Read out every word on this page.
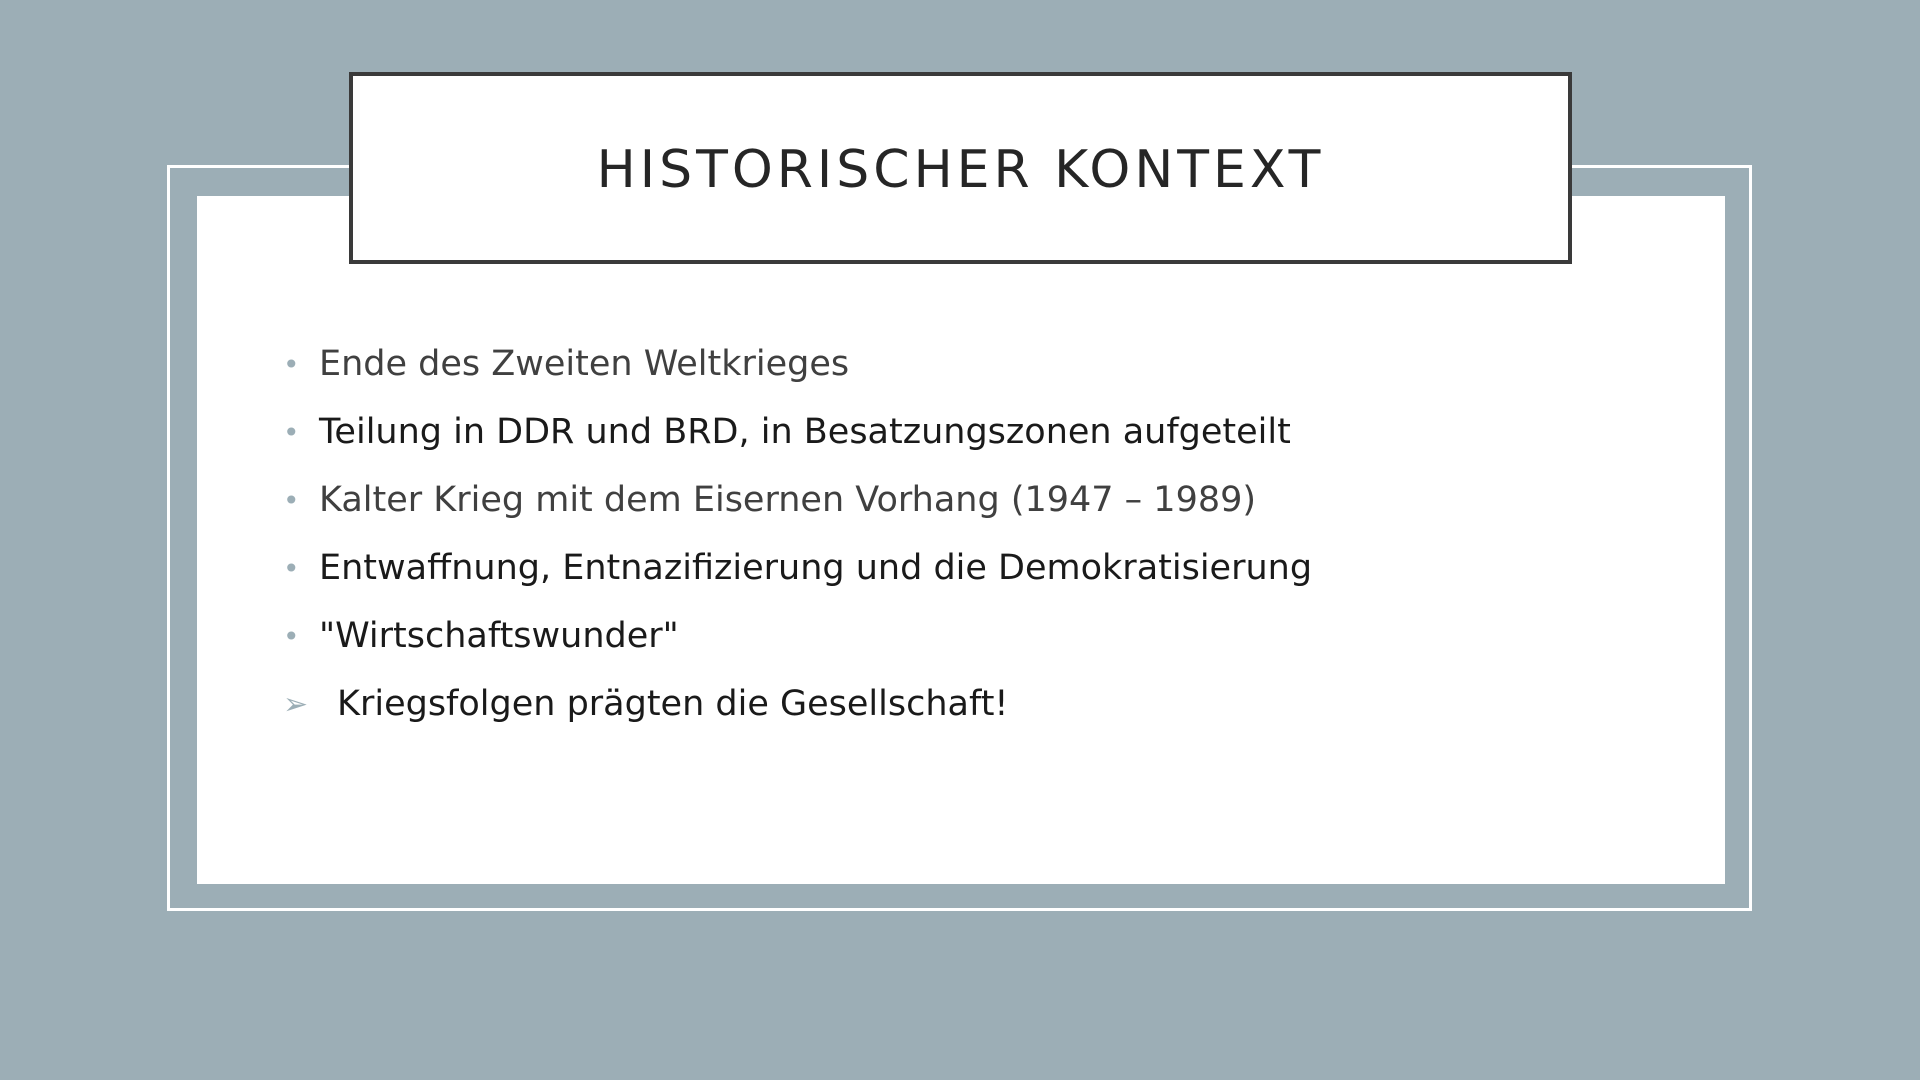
HISTORISCHER KONTEXT
• Ende des Zweiten Weltkrieges
• Teilung in DDR und BRD, in Besatzungszonen aufgeteilt
• Kalter Krieg mit dem Eisernen Vorhang (1947 – 1989)
• Entwaffnung, Entnazifizierung und die Demokratisierung
• "Wirtschaftswunder"
➢ Kriegsfolgen prägten die Gesellschaft!
